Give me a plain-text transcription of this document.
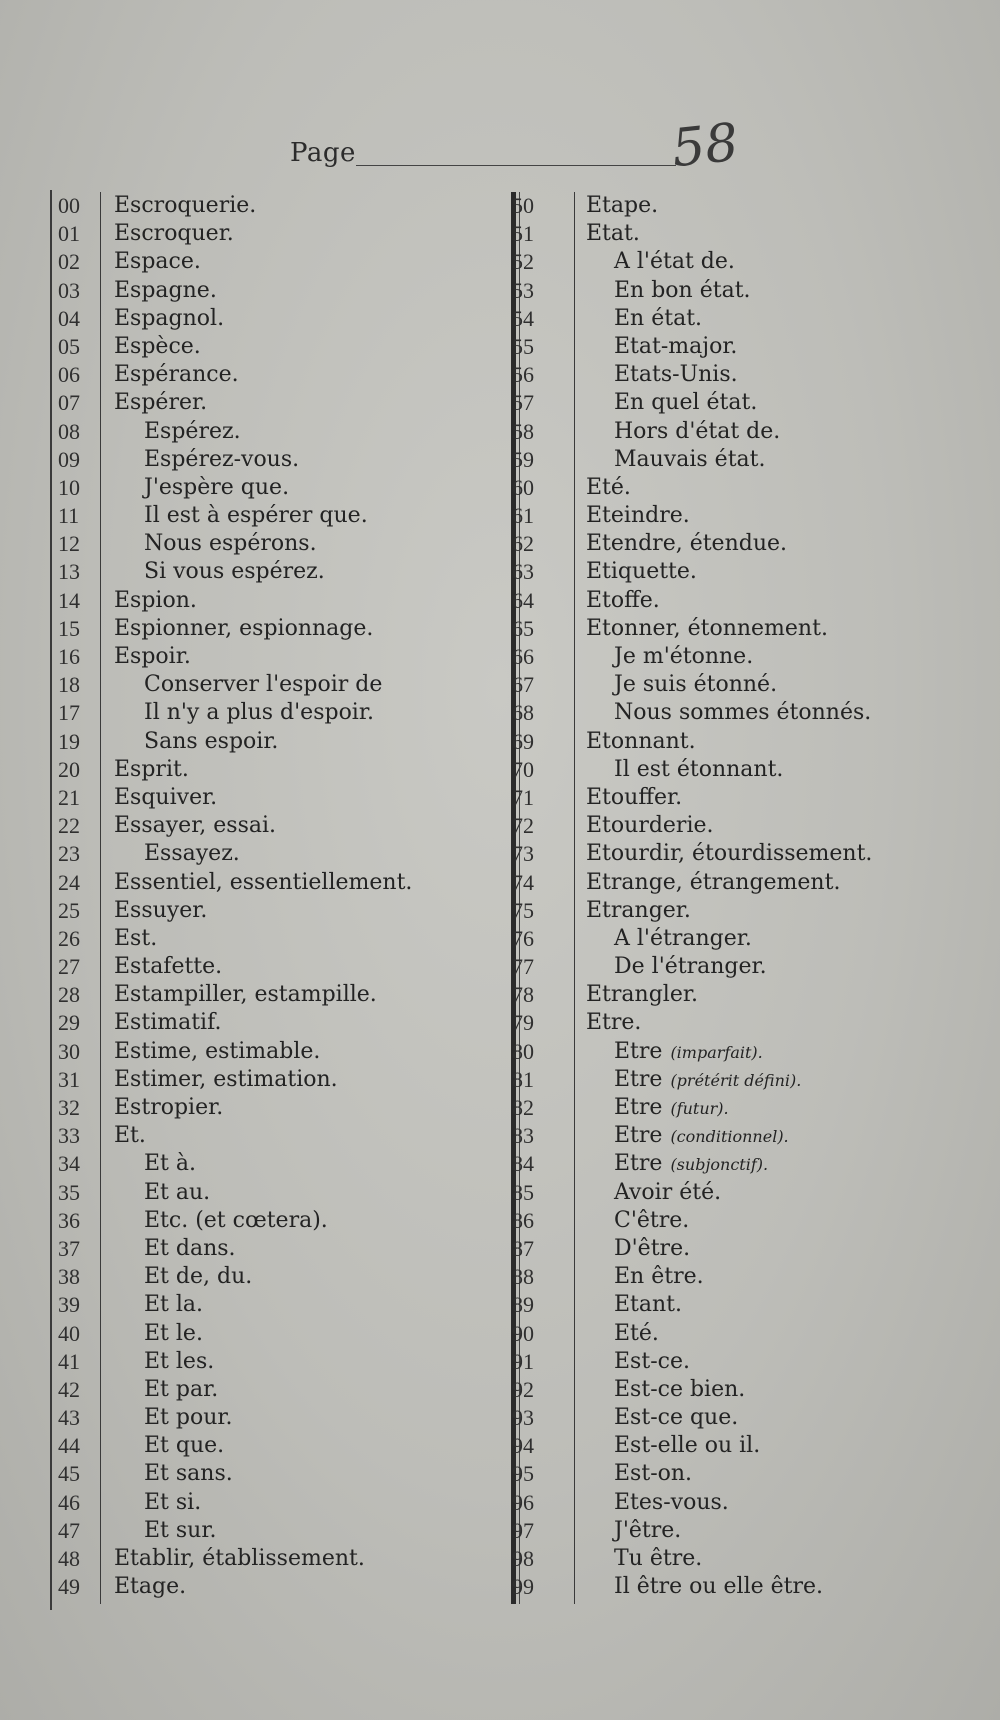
Page	58
00	Escroquerie.
01	Escroquer.
02	Espace.
03	Espagne.
04	Espagnol.
05	Espèce.
06	Espérance.
07	Espérer.
08	Espérez.
09	Espérez-vous.
10	J'espère que.
11	Il est à espérer que.
12	Nous espérons.
13	Si vous espérez.
14	Espion.
15	Espionner, espionnage.
16	Espoir.
18	Conserver l'espoir de
17	Il n'y a plus d'espoir.
19	Sans espoir.
20	Esprit.
21	Esquiver.
22	Essayer, essai.
23	Essayez.
24	Essentiel, essentiellement.
25	Essuyer.
26	Est.
27	Estafette.
28	Estampiller, estampille.
29	Estimatif.
30	Estime, estimable.
31	Estimer, estimation.
32	Estropier.
33	Et.
34	Et à.
35	Et au.
36	Etc. (et cœtera).
37	Et dans.
38	Et de, du.
39	Et la.
40	Et le.
41	Et les.
42	Et par.
43	Et pour.
44	Et que.
45	Et sans.
46	Et si.
47	Et sur.
48	Etablir, établissement.
49	Etage.
50	Etape.
51	Etat.
52	A l'état de.
53	En bon état.
54	En état.
55	Etat-major.
56	Etats-Unis.
57	En quel état.
58	Hors d'état de.
59	Mauvais état.
60	Eté.
61	Eteindre.
62	Etendre, étendue.
63	Etiquette.
64	Etoffe.
65	Etonner, étonnement.
66	Je m'étonne.
67	Je suis étonné.
68	Nous sommes étonnés.
69	Etonnant.
70	Il est étonnant.
71	Etouffer.
72	Etourderie.
73	Etourdir, étourdissement.
74	Etrange, étrangement.
75	Etranger.
76	A l'étranger.
77	De l'étranger.
78	Etrangler.
79	Etre.
80	Etre (imparfait).
81	Etre (prétérit défini).
82	Etre (futur).
83	Etre (conditionnel).
84	Etre (subjonctif).
85	Avoir été.
86	C'être.
87	D'être.
88	En être.
89	Etant.
90	Eté.
91	Est-ce.
92	Est-ce bien.
93	Est-ce que.
94	Est-elle ou il.
95	Est-on.
96	Etes-vous.
97	J'être.
98	Tu être.
99	Il être ou elle être.
